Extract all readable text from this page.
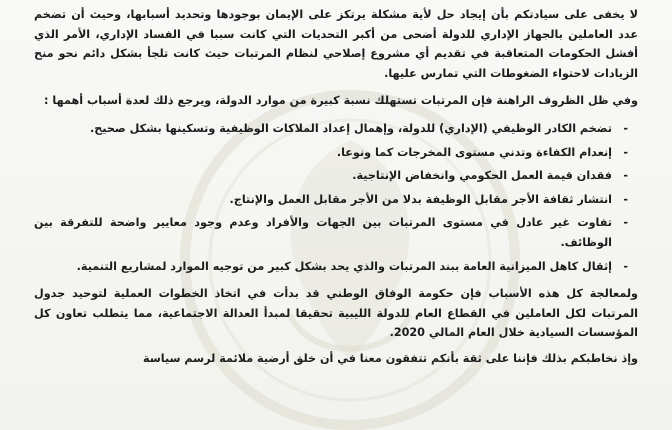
لا يخفى على سيادتكم بأن إيجاد حل لأية مشكلة يرتكز على الإيمان بوجودها وتحديد أسبابها، وحيث أن تضخم عدد العاملين بالجهاز الإداري للدولة أضحى من أكبر التحديات التي كانت سببا في الفساد الإداري، الأمر الذي أفشل الحكومات المتعاقبة في تقديم أي مشروع إصلاحي لنظام المرتبات حيث كانت تلجأ بشكل دائم نحو منح الزيادات لاحتواء الضغوطات التي تمارس عليها.

وفي ظل الظروف الراهنة فإن المرتبات تستهلك نسبة كبيرة من موارد الدولة، ويرجع ذلك لعدة أسباب أهمها :

- تضخم الكادر الوظيفي (الإداري) للدولة، وإهمال إعداد الملاكات الوظيفية وتسكينها بشكل صحيح.
- إنعدام الكفاءة وتدني مستوى المخرجات كما ونوعا.
- فقدان قيمة العمل الحكومي وانخفاض الإنتاجية.
- انتشار ثقافة الأجر مقابل الوظيفة بدلا من الأجر مقابل العمل والإنتاج.
- تفاوت غير عادل في مستوى المرتبات بين الجهات والأفراد وعدم وجود معايير واضحة للتفرقة بين الوظائف.
- إثقال كاهل الميزانية العامة ببند المرتبات والذي يحد بشكل كبير من توجيه الموارد لمشاريع التنمية.

ولمعالجة كل هذه الأسباب فإن حكومة الوفاق الوطني قد بدأت في اتخاذ الخطوات العملية لتوحيد جدول المرتبات لكل العاملين في القطاع العام للدولة الليبية تحقيقا لمبدأ العدالة الاجتماعية، مما يتطلب تعاون كل المؤسسات السيادية خلال العام المالي 2020.

وإذ نخاطبكم بذلك فإننا على ثقة بأنكم تتفقون معنا في أن خلق أرضية ملائمة لرسم سياسة
